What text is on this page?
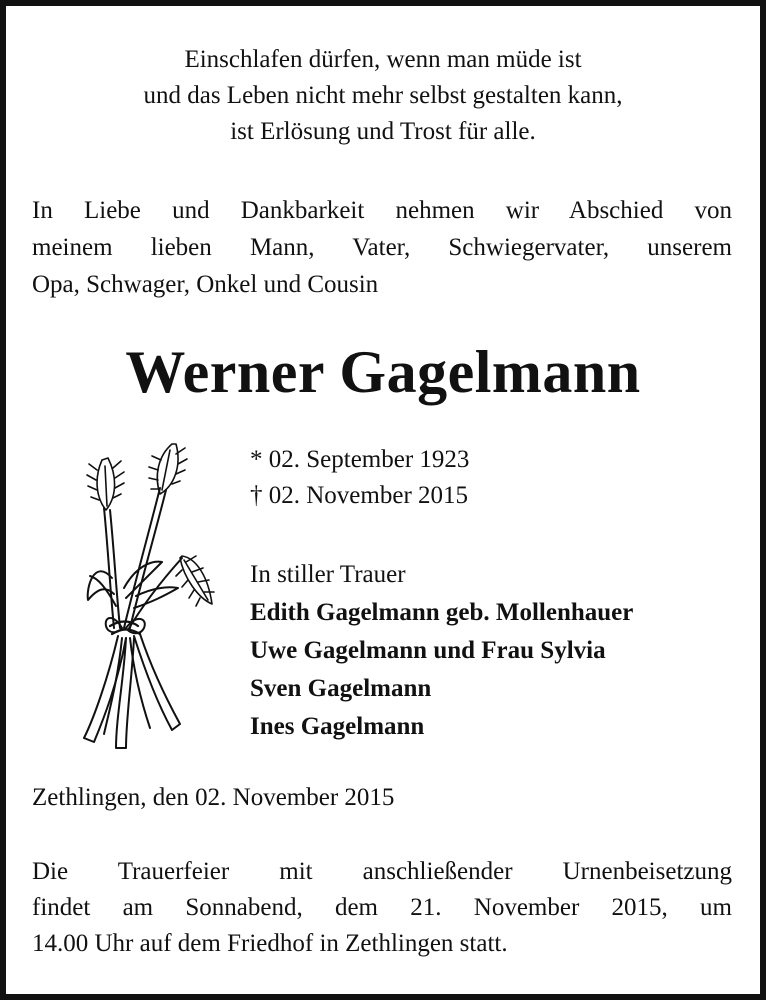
Einschlafen dürfen, wenn man müde ist
und das Leben nicht mehr selbst gestalten kann,
ist Erlösung und Trost für alle.
In Liebe und Dankbarkeit nehmen wir Abschied von
meinem lieben Mann, Vater, Schwiegervater, unserem
Opa, Schwager, Onkel und Cousin
Werner Gagelmann
* 02. September 1923
† 02. November 2015
In stiller Trauer
Edith Gagelmann geb. Mollenhauer
Uwe Gagelmann und Frau Sylvia
Sven Gagelmann
Ines Gagelmann
Zethlingen, den 02. November 2015
Die Trauerfeier mit anschließender Urnenbeisetzung
findet am Sonnabend, dem 21. November 2015, um
14.00 Uhr auf dem Friedhof in Zethlingen statt.
